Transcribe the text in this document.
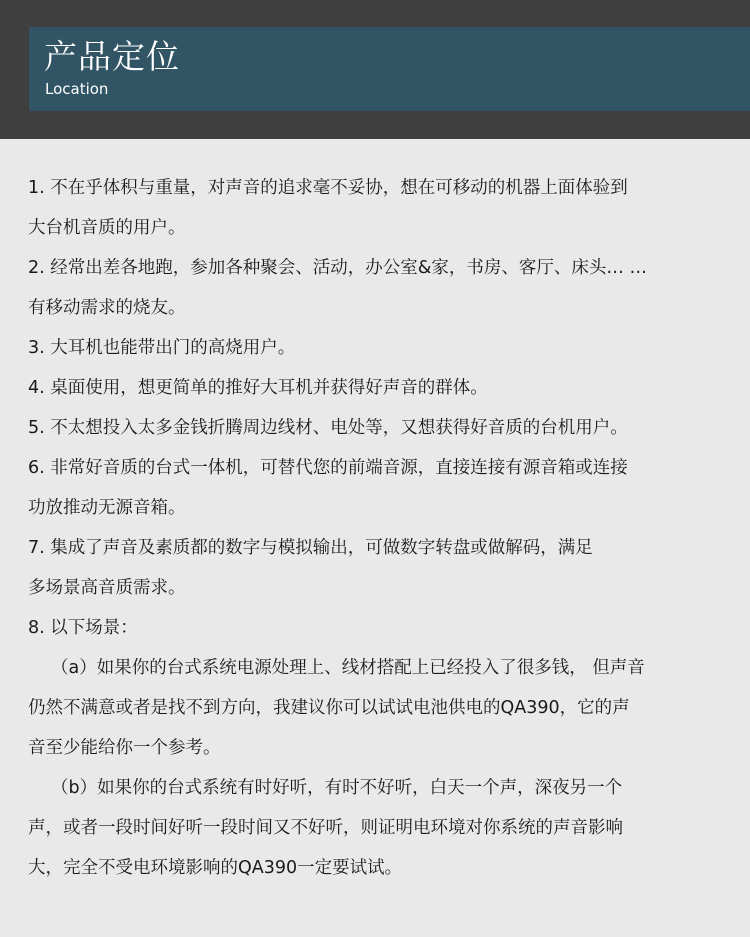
产品定位
Location
1. 不在乎体积与重量，对声音的追求毫不妥协，想在可移动的机器上面体验到
大台机音质的用户。
2. 经常出差各地跑，参加各种聚会、活动，办公室&家，书房、客厅、床头… …
有移动需求的烧友。
3. 大耳机也能带出门的高烧用户。
4. 桌面使用，想更简单的推好大耳机并获得好声音的群体。
5. 不太想投入太多金钱折腾周边线材、电处等，又想获得好音质的台机用户。
6. 非常好音质的台式一体机，可替代您的前端音源，直接连接有源音箱或连接
功放推动无源音箱。
7. 集成了声音及素质都的数字与模拟输出，可做数字转盘或做解码，满足
多场景高音质需求。
8. 以下场景：
（a）如果你的台式系统电源处理上、线材搭配上已经投入了很多钱， 但声音
仍然不满意或者是找不到方向，我建议你可以试试电池供电的QA390，它的声
音至少能给你一个参考。
（b）如果你的台式系统有时好听，有时不好听，白天一个声，深夜另一个
声，或者一段时间好听一段时间又不好听，则证明电环境对你系统的声音影响
大，完全不受电环境影响的QA390一定要试试。
